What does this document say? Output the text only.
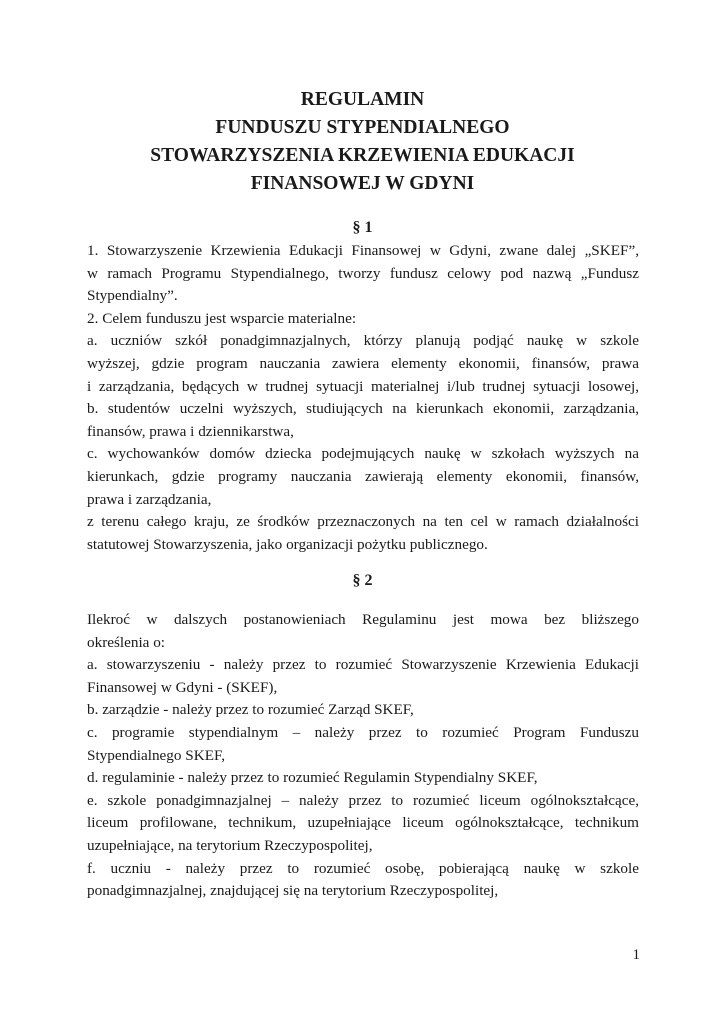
REGULAMIN
FUNDUSZU STYPENDIALNEGO
STOWARZYSZENIA KRZEWIENIA EDUKACJI
FINANSOWEJ W GDYNI
§ 1
1. Stowarzyszenie Krzewienia Edukacji Finansowej w Gdyni, zwane dalej „SKEF”,
w ramach Programu Stypendialnego, tworzy fundusz celowy pod nazwą „Fundusz
Stypendialny”.
2. Celem funduszu jest wsparcie materialne:
a. uczniów szkół ponadgimnazjalnych, którzy planują podjąć naukę w szkole
wyższej, gdzie program nauczania zawiera elementy ekonomii, finansów, prawa
i zarządzania, będących w trudnej sytuacji materialnej i/lub trudnej sytuacji losowej,
b. studentów uczelni wyższych, studiujących na kierunkach ekonomii, zarządzania,
finansów, prawa i dziennikarstwa,
c. wychowanków domów dziecka podejmujących naukę w szkołach wyższych na
kierunkach, gdzie programy nauczania zawierają elementy ekonomii, finansów,
prawa i zarządzania,
z terenu całego kraju, ze środków przeznaczonych na ten cel w ramach działalności
statutowej Stowarzyszenia, jako organizacji pożytku publicznego.
§ 2
Ilekroć w dalszych postanowieniach Regulaminu jest mowa bez bliższego
określenia o:
a. stowarzyszeniu - należy przez to rozumieć Stowarzyszenie Krzewienia Edukacji
Finansowej w Gdyni - (SKEF),
b. zarządzie - należy przez to rozumieć Zarząd SKEF,
c. programie stypendialnym – należy przez to rozumieć Program Funduszu
Stypendialnego SKEF,
d. regulaminie - należy przez to rozumieć Regulamin Stypendialny SKEF,
e. szkole ponadgimnazjalnej – należy przez to rozumieć liceum ogólnokształcące,
liceum profilowane, technikum, uzupełniające liceum ogólnokształcące, technikum
uzupełniające, na terytorium Rzeczypospolitej,
f. uczniu - należy przez to rozumieć osobę, pobierającą naukę w szkole
ponadgimnazjalnej, znajdującej się na terytorium Rzeczypospolitej,
1
